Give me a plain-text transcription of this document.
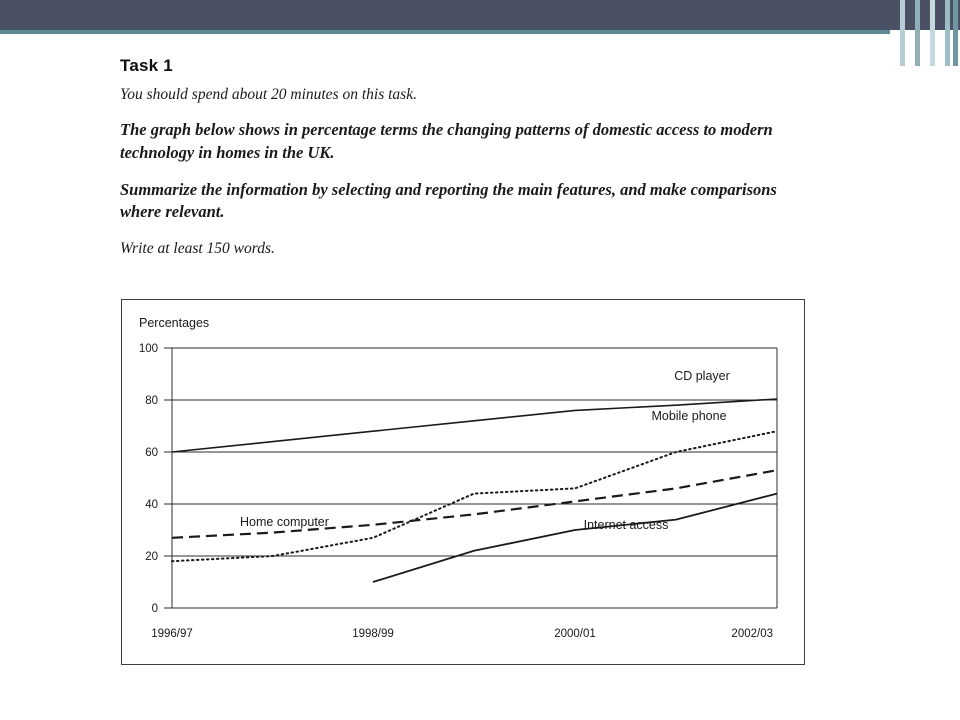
Task 1

You should spend about 20 minutes on this task.

The graph below shows in percentage terms the changing patterns of domestic access to modern technology in homes in the UK.

Summarize the information by selecting and reporting the main features, and make comparisons where relevant.

Write at least 150 words.

Percentages
100
80
60
40
20
0
1996/97	1998/99	2000/01	2002/03
CD player
Mobile phone
Home computer	Internet access
